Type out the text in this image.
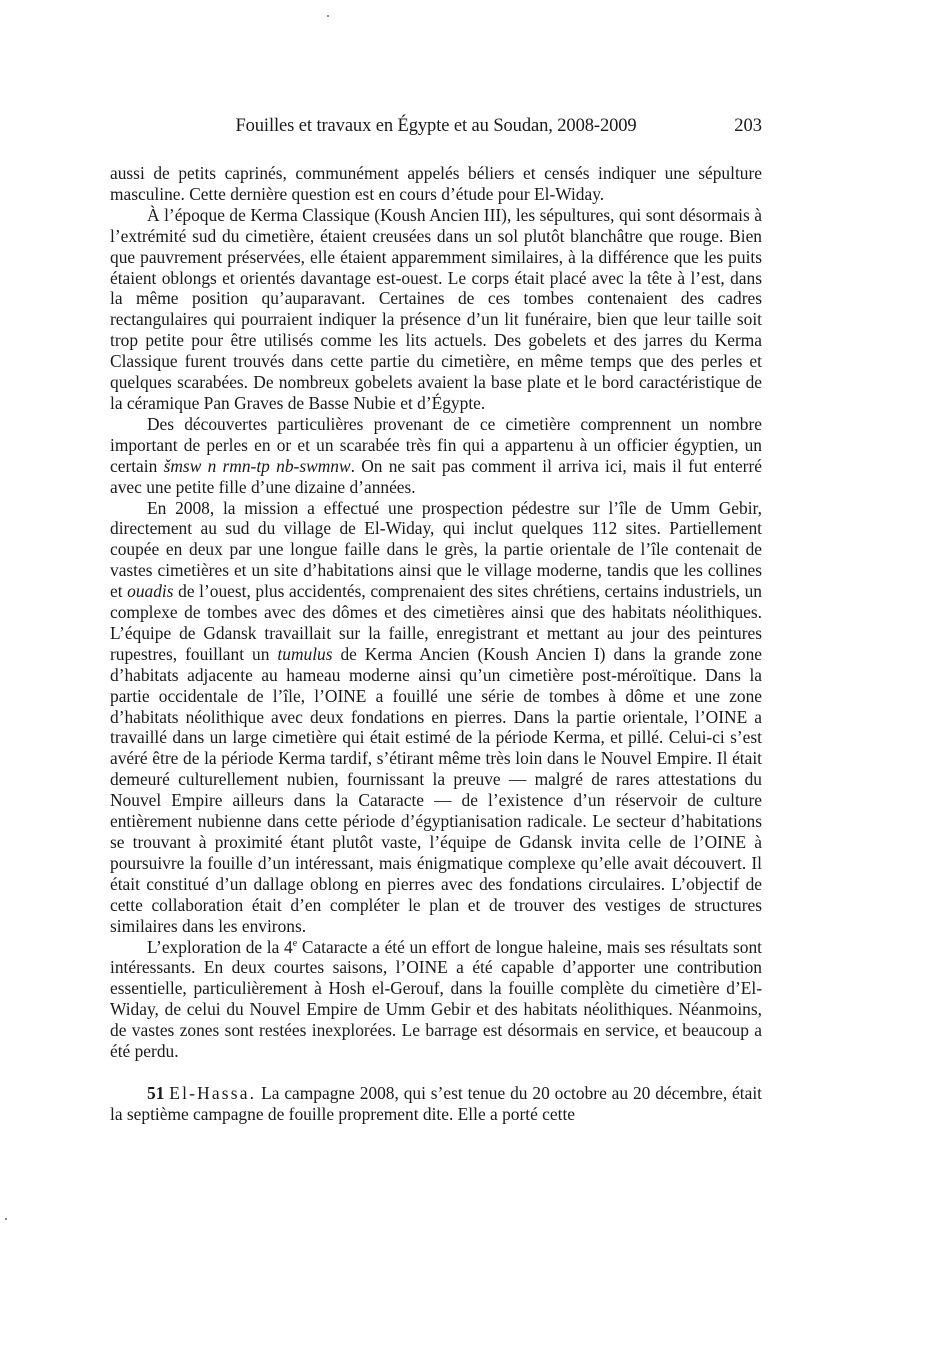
Fouilles et travaux en Égypte et au Soudan, 2008-2009	203

aussi de petits caprinés, communément appelés béliers et censés indiquer une sépulture masculine. Cette dernière question est en cours d’étude pour El-Widay.

À l’époque de Kerma Classique (Koush Ancien III), les sépultures, qui sont désormais à l’extrémité sud du cimetière, étaient creusées dans un sol plutôt blanchâtre que rouge. Bien que pauvrement préservées, elle étaient apparemment similaires, à la différence que les puits étaient oblongs et orientés davantage est-ouest. Le corps était placé avec la tête à l’est, dans la même position qu’auparavant. Certaines de ces tombes contenaient des cadres rectangulaires qui pourraient indiquer la présence d’un lit funéraire, bien que leur taille soit trop petite pour être utilisés comme les lits actuels. Des gobelets et des jarres du Kerma Classique furent trouvés dans cette partie du cimetière, en même temps que des perles et quelques scarabées. De nombreux gobelets avaient la base plate et le bord caractéristique de la céramique Pan Graves de Basse Nubie et d’Égypte.

Des découvertes particulières provenant de ce cimetière comprennent un nombre important de perles en or et un scarabée très fin qui a appartenu à un officier égyptien, un certain šmsw n rmn-tp nb-swmnw. On ne sait pas comment il arriva ici, mais il fut enterré avec une petite fille d’une dizaine d’années.

En 2008, la mission a effectué une prospection pédestre sur l’île de Umm Gebir, directement au sud du village de El-Widay, qui inclut quelques 112 sites. Partiellement coupée en deux par une longue faille dans le grès, la partie orientale de l’île contenait de vastes cimetières et un site d’habitations ainsi que le village moderne, tandis que les collines et ouadis de l’ouest, plus accidentés, comprenaient des sites chrétiens, certains industriels, un complexe de tombes avec des dômes et des cimetières ainsi que des habitats néolithiques. L’équipe de Gdansk travaillait sur la faille, enregistrant et mettant au jour des peintures rupestres, fouillant un tumulus de Kerma Ancien (Koush Ancien I) dans la grande zone d’habitats adjacente au hameau moderne ainsi qu’un cimetière post-méroïtique. Dans la partie occidentale de l’île, l’OINE a fouillé une série de tombes à dôme et une zone d’habitats néolithique avec deux fondations en pierres. Dans la partie orientale, l’OINE a travaillé dans un large cimetière qui était estimé de la période Kerma, et pillé. Celui-ci s’est avéré être de la période Kerma tardif, s’étirant même très loin dans le Nouvel Empire. Il était demeuré culturellement nubien, fournissant la preuve — malgré de rares attestations du Nouvel Empire ailleurs dans la Cataracte — de l’existence d’un réservoir de culture entièrement nubienne dans cette période d’égyptianisation radicale. Le secteur d’habitations se trouvant à proximité étant plutôt vaste, l’équipe de Gdansk invita celle de l’OINE à poursuivre la fouille d’un intéressant, mais énigmatique complexe qu’elle avait découvert. Il était constitué d’un dallage oblong en pierres avec des fondations circulaires. L’objectif de cette collaboration était d’en compléter le plan et de trouver des vestiges de structures similaires dans les environs.

L’exploration de la 4e Cataracte a été un effort de longue haleine, mais ses résultats sont intéressants. En deux courtes saisons, l’OINE a été capable d’apporter une contribution essentielle, particulièrement à Hosh el-Gerouf, dans la fouille complète du cimetière d’El-Widay, de celui du Nouvel Empire de Umm Gebir et des habitats néolithiques. Néanmoins, de vastes zones sont restées inexplorées. Le barrage est désormais en service, et beaucoup a été perdu.

51 El-Hassa. La campagne 2008, qui s’est tenue du 20 octobre au 20 décembre, était la septième campagne de fouille proprement dite. Elle a porté cette
